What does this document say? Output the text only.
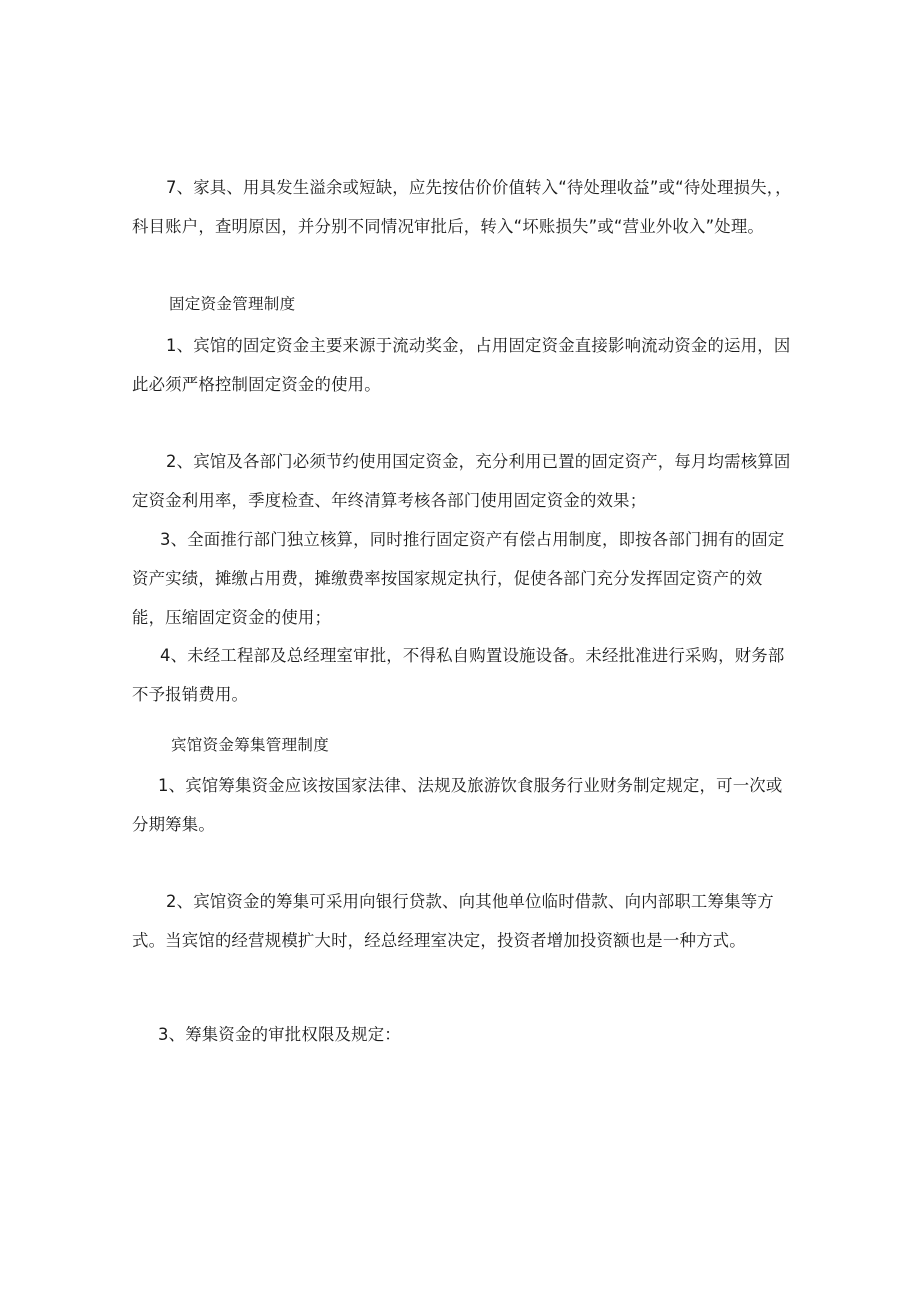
7、家具、用具发生溢余或短缺，应先按估价价值转入“待处理收益”或“待处理损失，，科目账户，查明原因，并分别不同情况审批后，转入“坏账损失”或“营业外收入”处理。

固定资金管理制度

1、宾馆的固定资金主要来源于流动奖金，占用固定资金直接影响流动资金的运用，因此必须严格控制固定资金的使用。

2、宾馆及各部门必须节约使用国定资金，充分利用已置的固定资产，每月均需核算固定资金利用率，季度检查、年终清算考核各部门使用固定资金的效果；

3、全面推行部门独立核算，同时推行固定资产有偿占用制度，即按各部门拥有的固定资产实绩，摊缴占用费，摊缴费率按国家规定执行，促使各部门充分发挥固定资产的效能，压缩固定资金的使用；

4、未经工程部及总经理室审批，不得私自购置设施设备。未经批准进行采购，财务部不予报销费用。

宾馆资金筹集管理制度

1、宾馆筹集资金应该按国家法律、法规及旅游饮食服务行业财务制定规定，可一次或分期筹集。

2、宾馆资金的筹集可采用向银行贷款、向其他单位临时借款、向内部职工筹集等方式。当宾馆的经营规模扩大时，经总经理室决定，投资者增加投资额也是一种方式。

3、筹集资金的审批权限及规定：
